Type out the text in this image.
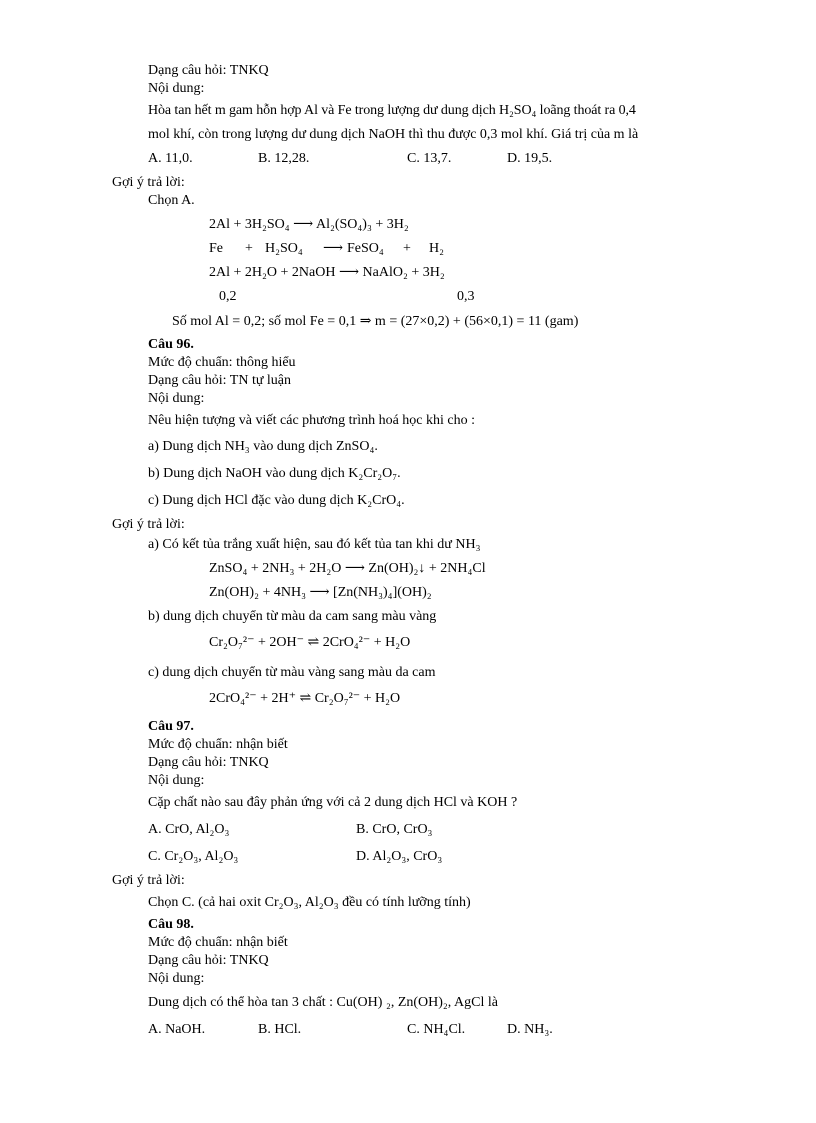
Dạng câu hỏi: TNKQ
Nội dung:
Hòa tan hết m gam hỗn hợp Al và Fe trong lượng dư dung dịch H₂SO₄ loãng thoát ra 0,4
mol khí, còn trong lượng dư dung dịch NaOH thì thu được 0,3 mol khí. Giá trị của m là
A. 11,0.	B. 12,28.	C. 13,7.	D. 19,5.
Gợi ý trả lời:
Chọn A.
2Al + 3H₂SO₄ ⟶ Al₂(SO₄)₃ + 3H₂
Fe + H₂SO₄ ⟶ FeSO₄ + H₂
2Al + 2H₂O + 2NaOH ⟶ NaAlO₂ + 3H₂
0,2	0,3
Số mol Al = 0,2; số mol Fe = 0,1 ⇒ m = (27×0,2) + (56×0,1) = 11 (gam)
Câu 96.
Mức độ chuẩn: thông hiểu
Dạng câu hỏi: TN tự luận
Nội dung:
Nêu hiện tượng và viết các phương trình hoá học khi cho :
a) Dung dịch NH₃ vào dung dịch ZnSO₄.
b) Dung dịch NaOH vào dung dịch K₂Cr₂O₇.
c) Dung dịch HCl đặc vào dung dịch K₂CrO₄.
Gợi ý trả lời:
a) Có kết tủa trắng xuất hiện, sau đó kết tủa tan khi dư NH₃
ZnSO₄ + 2NH₃ + 2H₂O ⟶ Zn(OH)₂↓ + 2NH₄Cl
Zn(OH)₂ + 4NH₃ ⟶ [Zn(NH₃)₄](OH)₂
b) dung dịch chuyển từ màu da cam sang màu vàng
Cr₂O₇²⁻ + 2OH⁻ ⇌ 2CrO₄²⁻ + H₂O
c) dung dịch chuyển từ màu vàng sang màu da cam
2CrO₄²⁻ + 2H⁺ ⇌ Cr₂O₇²⁻ + H₂O
Câu 97.
Mức độ chuẩn: nhận biết
Dạng câu hỏi: TNKQ
Nội dung:
Cặp chất nào sau đây phản ứng với cả 2 dung dịch HCl và KOH ?
A. CrO, Al₂O₃	B. CrO, CrO₃
C. Cr₂O₃, Al₂O₃	D. Al₂O₃, CrO₃
Gợi ý trả lời:
Chọn C. (cả hai oxit Cr₂O₃, Al₂O₃ đều có tính lưỡng tính)
Câu 98.
Mức độ chuẩn: nhận biết
Dạng câu hỏi: TNKQ
Nội dung:
Dung dịch có thể hòa tan 3 chất : Cu(OH) ₂, Zn(OH)₂, AgCl là
A. NaOH.	B. HCl.	C. NH₄Cl.	D. NH₃.
